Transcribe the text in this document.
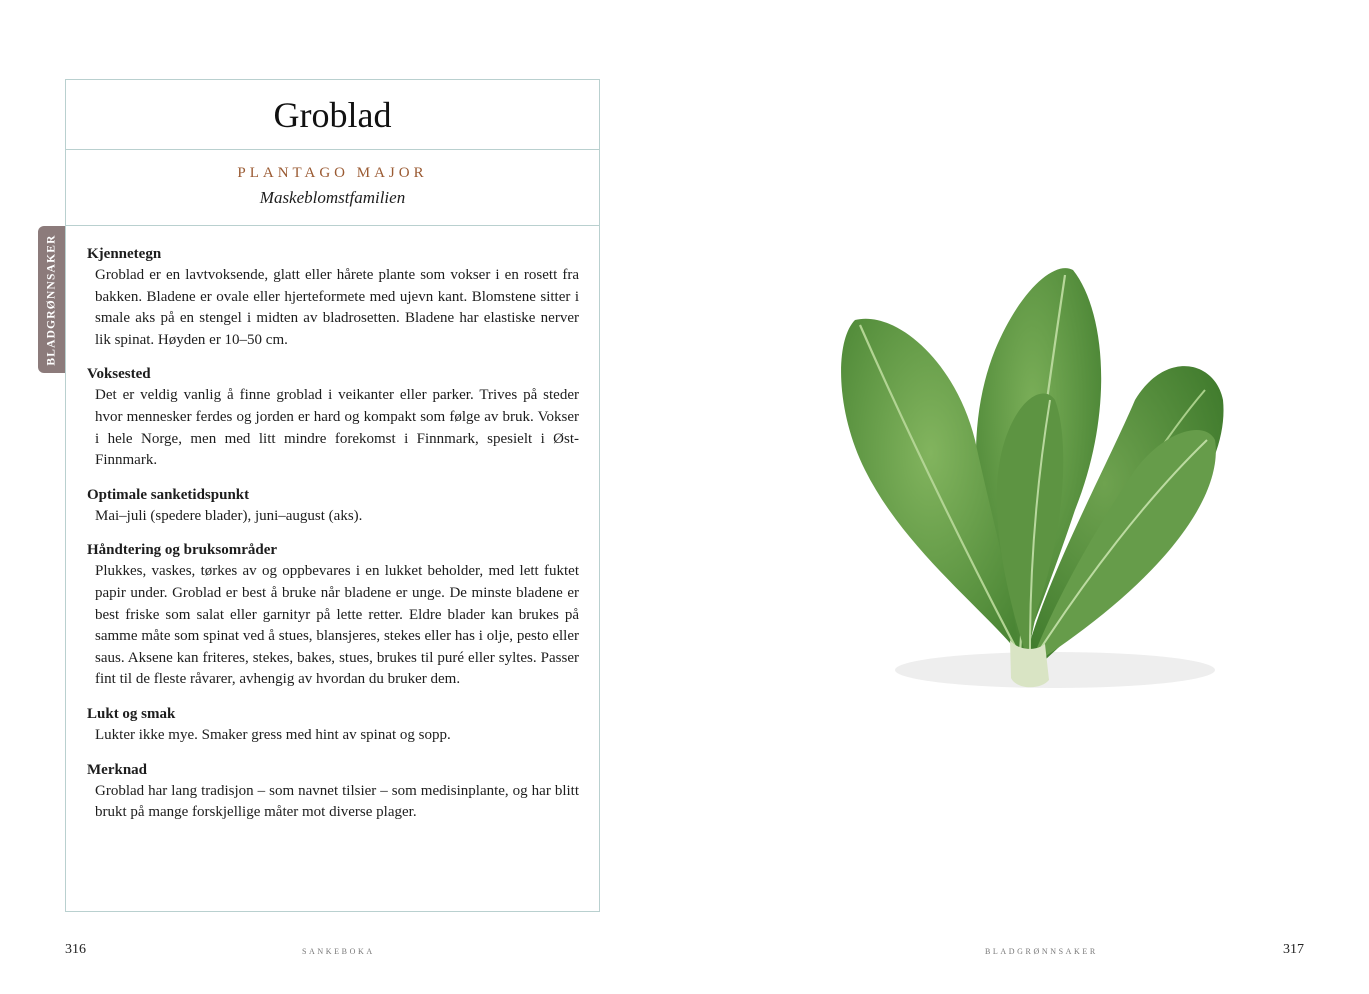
BLADGRØNNSAKER
Groblad
PLANTAGO MAJOR
Maskeblomstfamilien
Kjennetegn
Groblad er en lavtvoksende, glatt eller hårete plante som vokser i en rosett fra bakken. Bladene er ovale eller hjerteformete med ujevn kant. Blomstene sitter i smale aks på en stengel i midten av bladrosetten. Bladene har elastiske nerver lik spinat. Høyden er 10–50 cm.
Voksested
Det er veldig vanlig å finne groblad i veikanter eller parker. Trives på steder hvor mennesker ferdes og jorden er hard og kompakt som følge av bruk. Vokser i hele Norge, men med litt mindre forekomst i Finnmark, spesielt i Øst-Finnmark.
Optimale sanketidspunkt
Mai–juli (spedere blader), juni–august (aks).
Håndtering og bruksområder
Plukkes, vaskes, tørkes av og oppbevares i en lukket beholder, med lett fuktet papir under. Groblad er best å bruke når bladene er unge. De minste bladene er best friske som salat eller garnityr på lette retter. Eldre blader kan brukes på samme måte som spinat ved å stues, blansjeres, stekes eller has i olje, pesto eller saus. Aksene kan friteres, stekes, bakes, stues, brukes til puré eller syltes. Passer fint til de fleste råvarer, avhengig av hvordan du bruker dem.
Lukt og smak
Lukter ikke mye. Smaker gress med hint av spinat og sopp.
Merknad
Groblad har lang tradisjon – som navnet tilsier – som medisinplante, og har blitt brukt på mange forskjellige måter mot diverse plager.
316	SANKEBOKA	BLADGRØNNSAKER	317
